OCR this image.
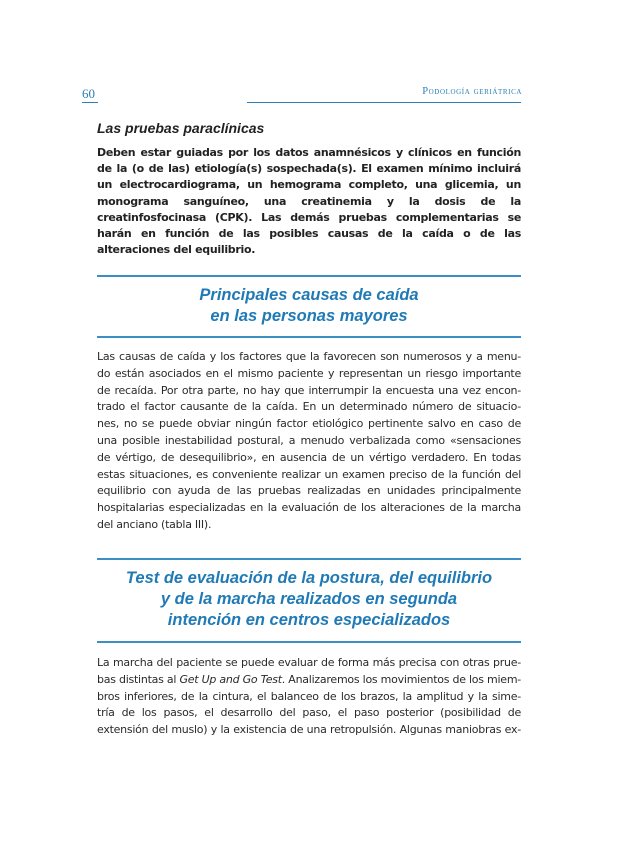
60	Podología geriátrica
Las pruebas paraclínicas
Deben estar guiadas por los datos anamnésicos y clínicos en función de la (o de las) etiología(s) sospechada(s). El examen mínimo incluirá un electrocardiograma, un hemograma completo, una glicemia, un monograma sanguíneo, una creatinemia y la dosis de la creatinfosfocinasa (CPK). Las demás pruebas complementarias se harán en función de las posibles causas de la caída o de las alteraciones del equilibrio.
Principales causas de caída
en las personas mayores
Las causas de caída y los factores que la favorecen son numerosos y a menu-
do están asociados en el mismo paciente y representan un riesgo importante
de recaída. Por otra parte, no hay que interrumpir la encuesta una vez encon-
trado el factor causante de la caída. En un determinado número de situacio-
nes, no se puede obviar ningún factor etiológico pertinente salvo en caso de
una posible inestabilidad postural, a menudo verbalizada como «sensaciones
de vértigo, de desequilibrio», en ausencia de un vértigo verdadero. En todas
estas situaciones, es conveniente realizar un examen preciso de la función del
equilibrio con ayuda de las pruebas realizadas en unidades principalmente
hospitalarias especializadas en la evaluación de los alteraciones de la marcha
del anciano (tabla III).
Test de evaluación de la postura, del equilibrio
y de la marcha realizados en segunda
intención en centros especializados
La marcha del paciente se puede evaluar de forma más precisa con otras prue-
bas distintas al Get Up and Go Test. Analizaremos los movimientos de los miem-
bros inferiores, de la cintura, el balanceo de los brazos, la amplitud y la sime-
tría de los pasos, el desarrollo del paso, el paso posterior (posibilidad de
extensión del muslo) y la existencia de una retropulsión. Algunas maniobras ex-
